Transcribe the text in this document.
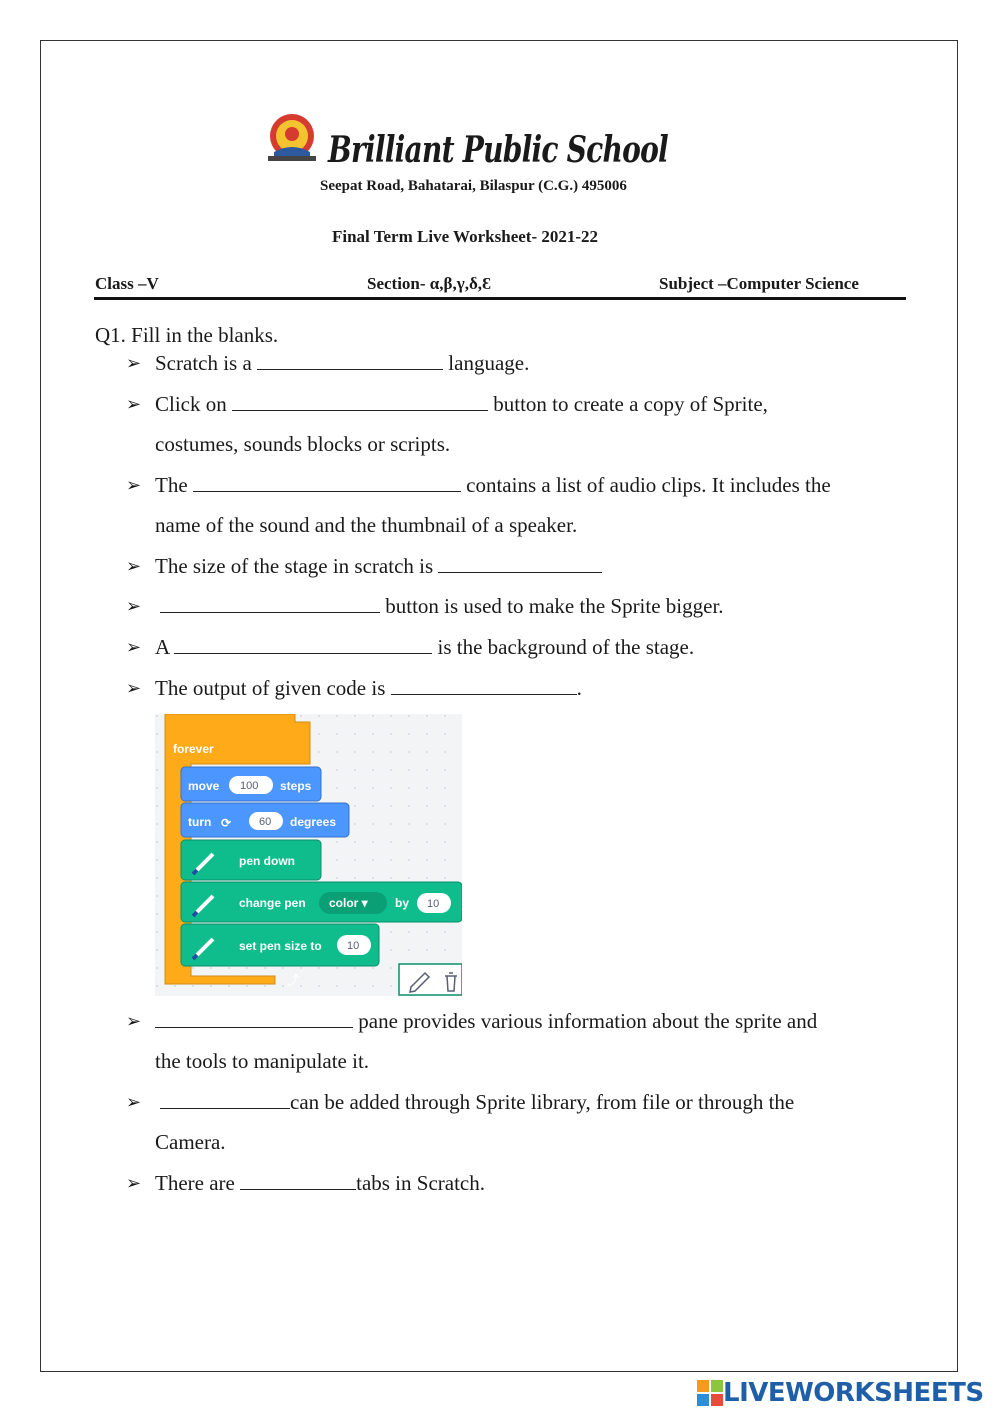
Brilliant Public School
Seepat Road, Bahatarai, Bilaspur (C.G.) 495006
Final Term Live Worksheet- 2021-22
Class –V	Section- α,β,γ,δ,Ɛ	Subject –Computer Science
Q1. Fill in the blanks.
➢ Scratch is a	language.
➢ Click on	button to create a copy of Sprite,
costumes, sounds blocks or scripts.
➢ The	contains a list of audio clips. It includes the
name of the sound and the thumbnail of a speaker.
➢ The size of the stage in scratch is
➢	button is used to make the Sprite bigger.
➢ A	is the background of the stage.
➢ The output of given code is	.
forever
move 100 steps
turn ⟳	60 degrees
pen down
change pen color ▾ by 10
set pen size to 10
⤴
➢	pane provides various information about the sprite and
the tools to manipulate it.
➢	can be added through Sprite library, from file or through the
Camera.
➢ There are	tabs in Scratch.
LIVEWORKSHEETS
